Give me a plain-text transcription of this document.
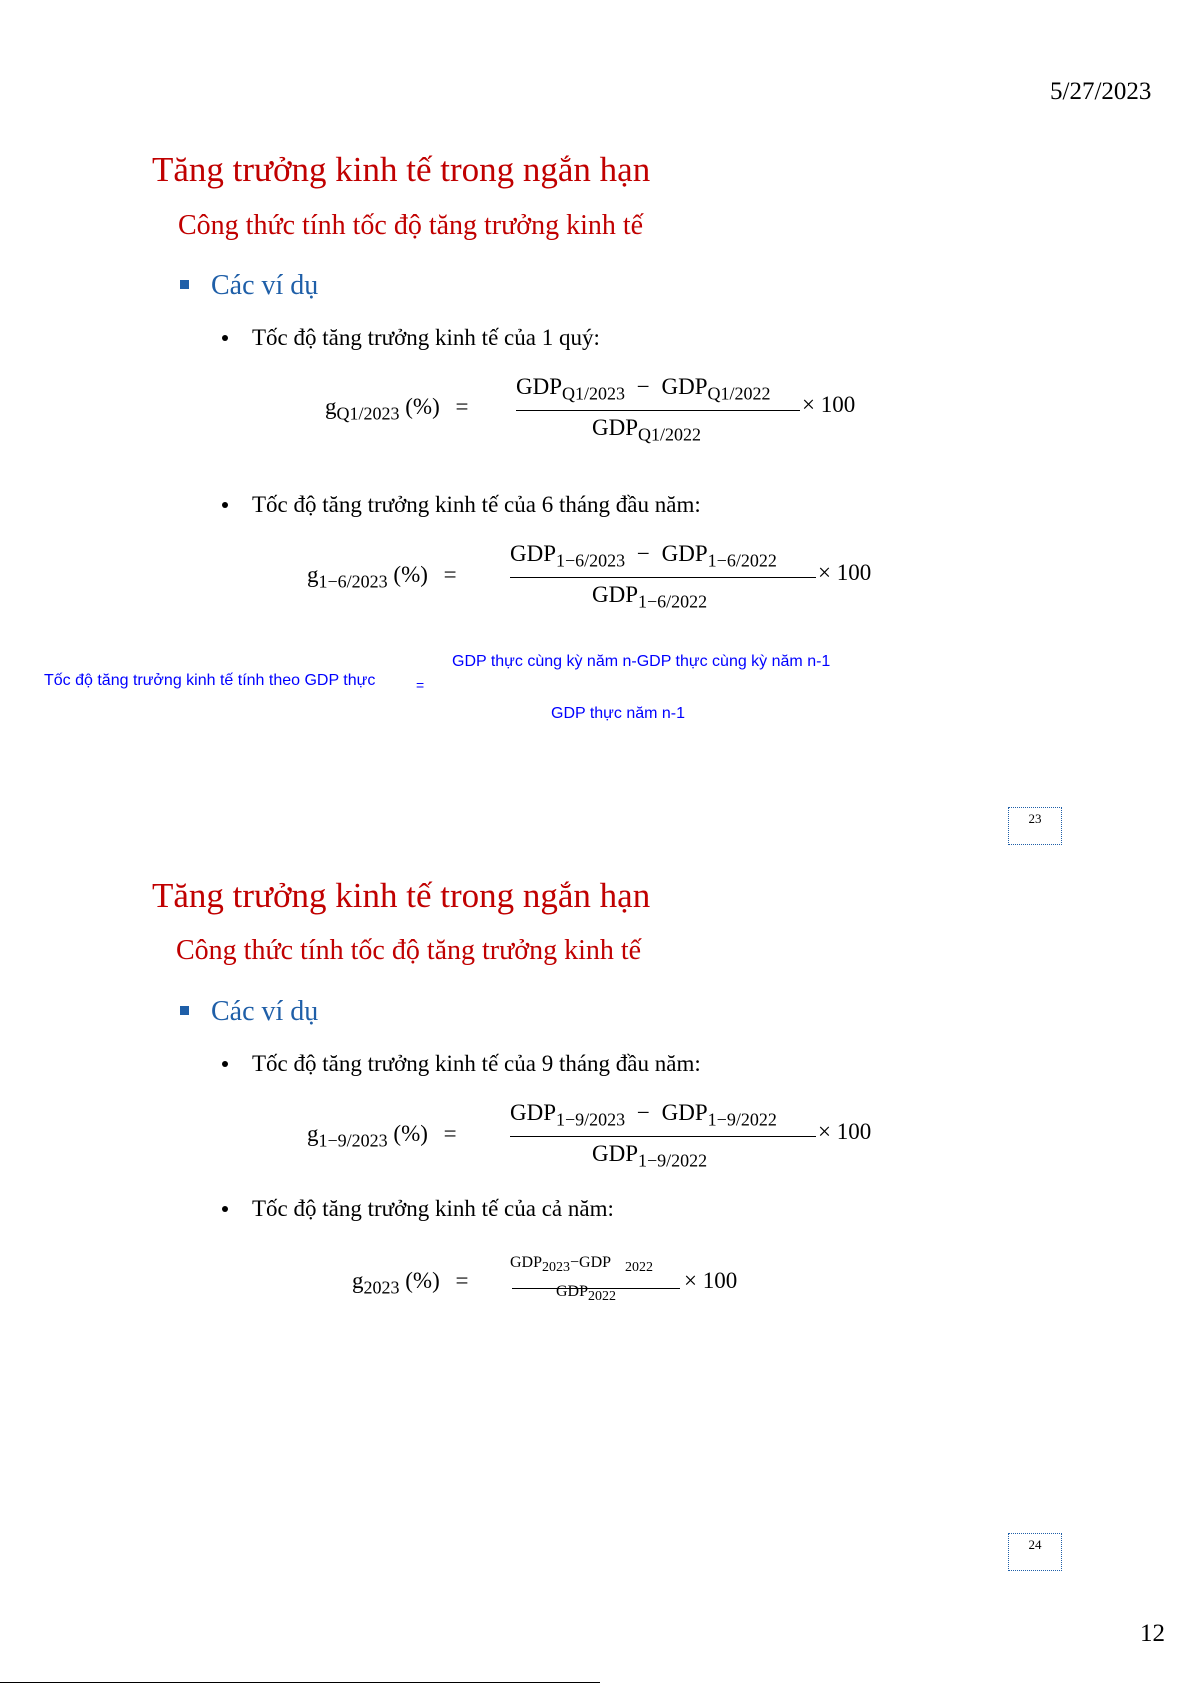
5/27/2023
Tăng trưởng kinh tế trong ngắn hạn
Công thức tính tốc độ tăng trưởng kinh tế
Các ví dụ
Tốc độ tăng trưởng kinh tế của 1 quý:
$g_{Q1/2023}$ (%) =
$GDP_{Q1/2023} - GDP_{Q1/2022}$
$GDP_{Q1/2022}$
× 100
Tốc độ tăng trưởng kinh tế của 6 tháng đầu năm:
$g_{1-6/2023}$ (%) =
$GDP_{1-6/2023} - GDP_{1-6/2022}$
$GDP_{1-6/2022}$
× 100
Tốc độ tăng trưởng kinh tế tính theo GDP thực	=
GDP thực cùng kỳ năm n-GDP thực cùng kỳ năm n-1
GDP thực năm n-1
23
Tăng trưởng kinh tế trong ngắn hạn
Công thức tính tốc độ tăng trưởng kinh tế
Các ví dụ
Tốc độ tăng trưởng kinh tế của 9 tháng đầu năm:
$g_{1-9/2023}$ (%) =
$GDP_{1-9/2023} - GDP_{1-9/2022}$
$GDP_{1-9/2022}$
× 100
Tốc độ tăng trưởng kinh tế của cả năm:
$g_{2023}$ (%) =
$GDP_{2023}-GDP$ $_{2022}$
$GDP_{2022}$
× 100
24
12
